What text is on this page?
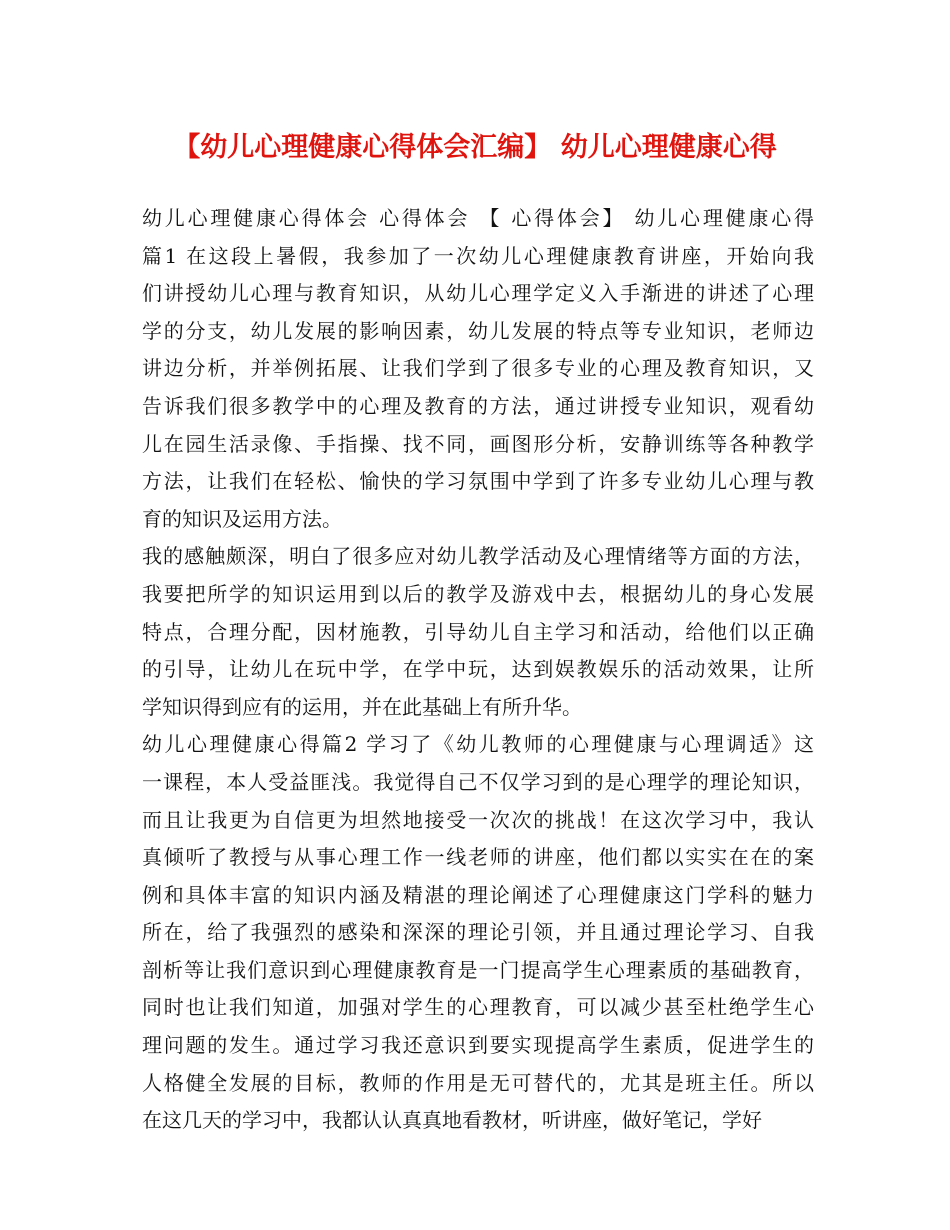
【幼儿心理健康心得体会汇编】 幼儿心理健康心得
幼儿心理健康心得体会 心得体会 【 心得体会】 幼儿心理健康心得
篇1 在这段上暑假，我参加了一次幼儿心理健康教育讲座，开始向我
们讲授幼儿心理与教育知识，从幼儿心理学定义入手渐进的讲述了心理
学的分支，幼儿发展的影响因素，幼儿发展的特点等专业知识，老师边
讲边分析，并举例拓展、让我们学到了很多专业的心理及教育知识，又
告诉我们很多教学中的心理及教育的方法，通过讲授专业知识，观看幼
儿在园生活录像、手指操、找不同，画图形分析，安静训练等各种教学
方法，让我们在轻松、愉快的学习氛围中学到了许多专业幼儿心理与教
育的知识及运用方法。
我的感触颇深，明白了很多应对幼儿教学活动及心理情绪等方面的方法，
我要把所学的知识运用到以后的教学及游戏中去，根据幼儿的身心发展
特点，合理分配，因材施教，引导幼儿自主学习和活动，给他们以正确
的引导，让幼儿在玩中学，在学中玩，达到娱教娱乐的活动效果，让所
学知识得到应有的运用，并在此基础上有所升华。
幼儿心理健康心得篇2 学习了《幼儿教师的心理健康与心理调适》这
一课程，本人受益匪浅。我觉得自己不仅学习到的是心理学的理论知识，
而且让我更为自信更为坦然地接受一次次的挑战！在这次学习中，我认
真倾听了教授与从事心理工作一线老师的讲座，他们都以实实在在的案
例和具体丰富的知识内涵及精湛的理论阐述了心理健康这门学科的魅力
所在，给了我强烈的感染和深深的理论引领，并且通过理论学习、自我
剖析等让我们意识到心理健康教育是一门提高学生心理素质的基础教育，
同时也让我们知道，加强对学生的心理教育，可以减少甚至杜绝学生心
理问题的发生。通过学习我还意识到要实现提高学生素质，促进学生的
人格健全发展的目标，教师的作用是无可替代的，尤其是班主任。所以
在这几天的学习中，我都认认真真地看教材，听讲座，做好笔记，学好
